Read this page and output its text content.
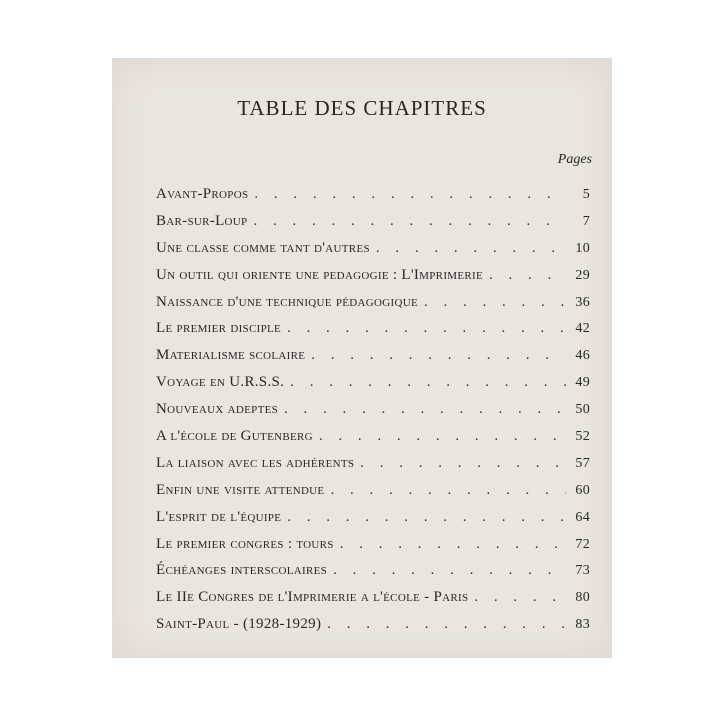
TABLE DES CHAPITRES
Pages
Avant-Propos . . .	5
Bar-sur-Loup . . .	7
Une classe comme tant d'autres . . .	10
Un outil qui oriente une pedagogie : L'Imprimerie . . .	29
Naissance d'une technique pédagogique . . .	36
Le premier disciple . . .	42
Materialisme scolaire . . .	46
Voyage en U.R.S.S. . . .	49
Nouveaux adeptes . . .	50
A l'école de Gutenberg . . .	52
La liaison avec les adhérents . . .	57
Enfin une visite attendue . . .	60
L'esprit de l'équipe . . .	64
Le premier congres : tours . . .	72
Échéanges interscolaires . . .	73
Le IIe Congres de l'Imprimerie a l'école - Paris . . .	80
Saint-Paul - (1928-1929) . . .	83
